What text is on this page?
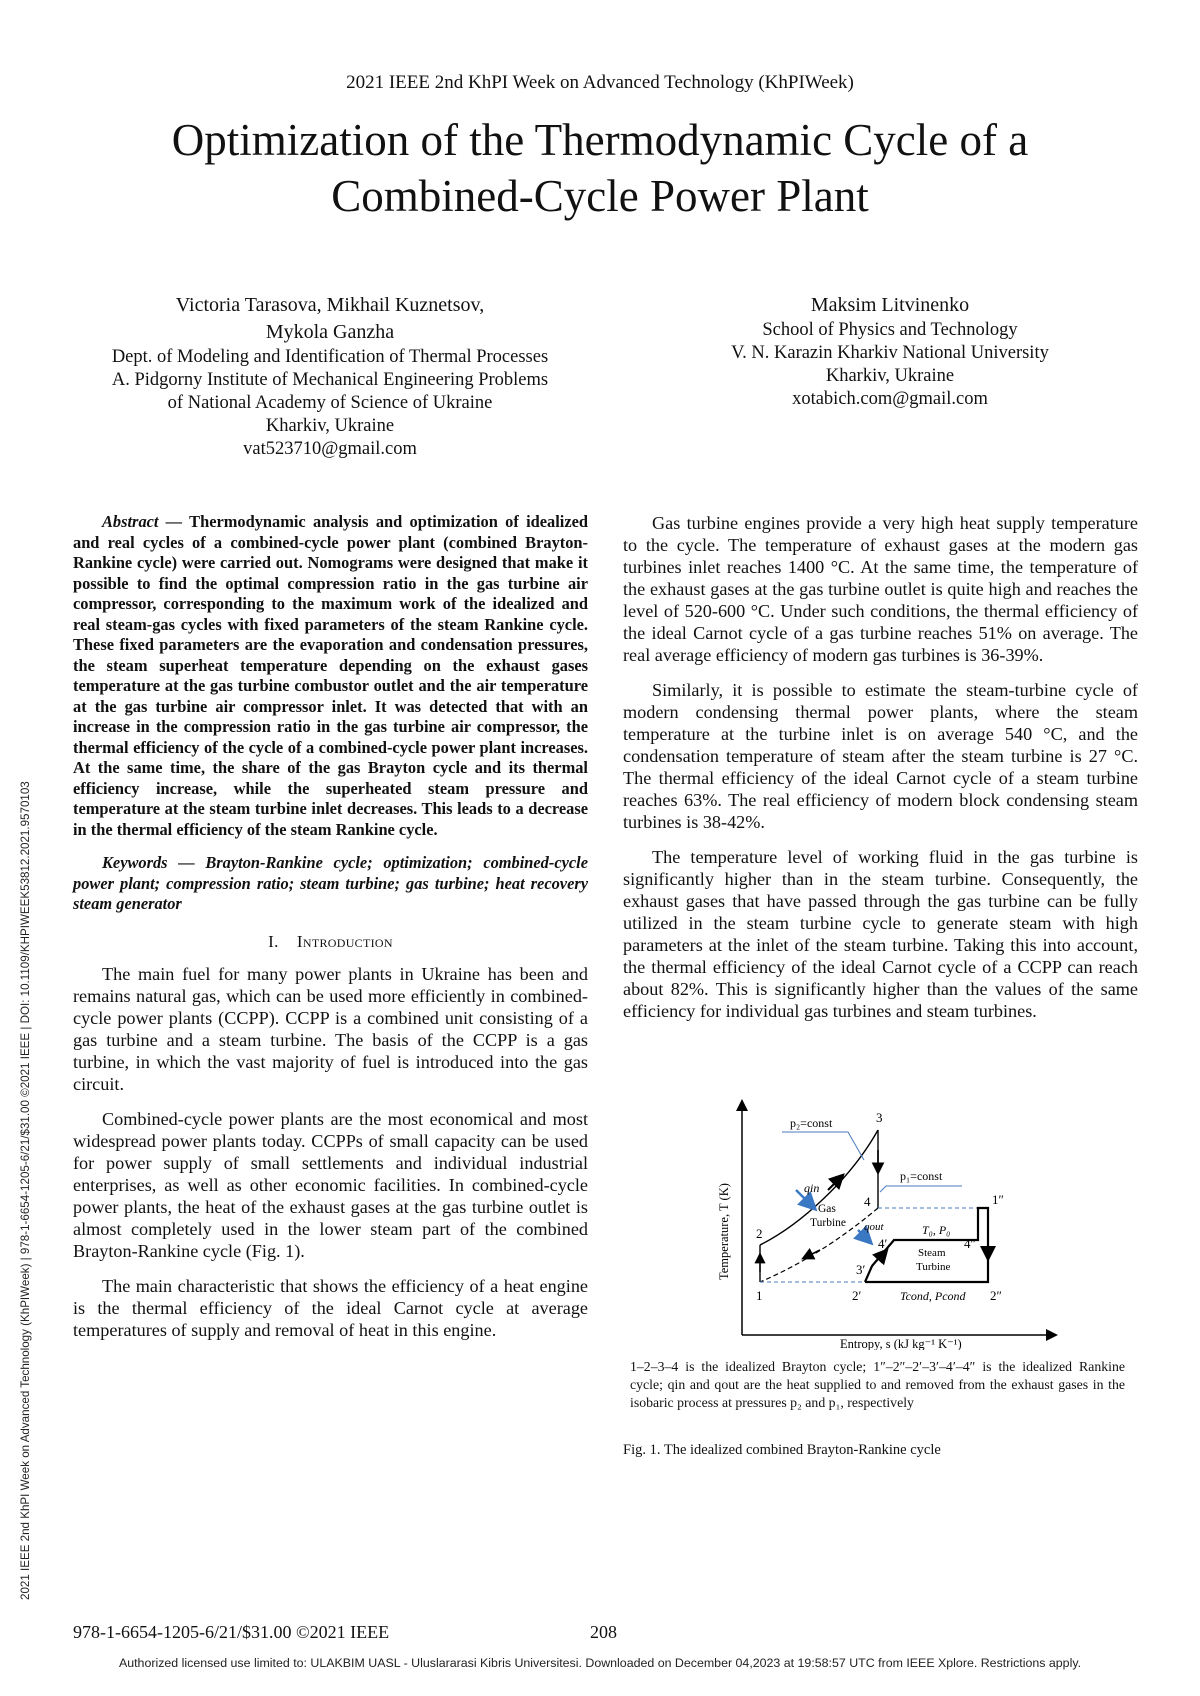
2021 IEEE 2nd KhPI Week on Advanced Technology (KhPIWeek)
Optimization of the Thermodynamic Cycle of a
Combined-Cycle Power Plant
Victoria Tarasova, Mikhail Kuznetsov,
Mykola Ganzha
Dept. of Modeling and Identification of Thermal Processes
A. Pidgorny Institute of Mechanical Engineering Problems
of National Academy of Science of Ukraine
Kharkiv, Ukraine
vat523710@gmail.com
Maksim Litvinenko
School of Physics and Technology
V. N. Karazin Kharkiv National University
Kharkiv, Ukraine
xotabich.com@gmail.com
2021 IEEE 2nd KhPI Week on Advanced Technology (KhPIWeek) | 978-1-6654-1205-6/21/$31.00 ©2021 IEEE | DOI: 10.1109/KHPIWEEK53812.2021.9570103

Abstract — Thermodynamic analysis and optimization of idealized and real cycles of a combined-cycle power plant (combined Brayton-Rankine cycle) were carried out. Nomograms were designed that make it possible to find the optimal compression ratio in the gas turbine air compressor, corresponding to the maximum work of the idealized and real steam-gas cycles with fixed parameters of the steam Rankine cycle. These fixed parameters are the evaporation and condensation pressures, the steam superheat temperature depending on the exhaust gases temperature at the gas turbine combustor outlet and the air temperature at the gas turbine air compressor inlet. It was detected that with an increase in the compression ratio in the gas turbine air compressor, the thermal efficiency of the cycle of a combined-cycle power plant increases. At the same time, the share of the gas Brayton cycle and its thermal efficiency increase, while the superheated steam pressure and temperature at the steam turbine inlet decreases. This leads to a decrease in the thermal efficiency of the steam Rankine cycle.

Keywords — Brayton-Rankine cycle; optimization; combined-cycle power plant; compression ratio; steam turbine; gas turbine; heat recovery steam generator

I. Introduction

The main fuel for many power plants in Ukraine has been and remains natural gas, which can be used more efficiently in combined-cycle power plants (CCPP). CCPP is a combined unit consisting of a gas turbine and a steam turbine. The basis of the CCPP is a gas turbine, in which the vast majority of fuel is introduced into the gas circuit.

Combined-cycle power plants are the most economical and most widespread power plants today. CCPPs of small capacity can be used for power supply of small settlements and individual industrial enterprises, as well as other economic facilities. In combined-cycle power plants, the heat of the exhaust gases at the gas turbine outlet is almost completely used in the lower steam part of the combined Brayton-Rankine cycle (Fig. 1).

The main characteristic that shows the efficiency of a heat engine is the thermal efficiency of the ideal Carnot cycle at average temperatures of supply and removal of heat in this engine.

Gas turbine engines provide a very high heat supply temperature to the cycle. The temperature of exhaust gases at the modern gas turbines inlet reaches 1400 °C. At the same time, the temperature of the exhaust gases at the gas turbine outlet is quite high and reaches the level of 520-600 °C. Under such conditions, the thermal efficiency of the ideal Carnot cycle of a gas turbine reaches 51% on average. The real average efficiency of modern gas turbines is 36-39%.

Similarly, it is possible to estimate the steam-turbine cycle of modern condensing thermal power plants, where the steam temperature at the turbine inlet is on average 540 °C, and the condensation temperature of steam after the steam turbine is 27 °C. The thermal efficiency of the ideal Carnot cycle of a steam turbine reaches 63%. The real efficiency of modern block condensing steam turbines is 38-42%.

The temperature level of working fluid in the gas turbine is significantly higher than in the steam turbine. Consequently, the exhaust gases that have passed through the gas turbine can be fully utilized in the steam turbine cycle to generate steam with high parameters at the inlet of the steam turbine. Taking this into account, the thermal efficiency of the ideal Carnot cycle of a CCPP can reach about 82%. This is significantly higher than the values of the same efficiency for individual gas turbines and steam turbines.

Temperature, T (K)
Entropy, s (kJ kg⁻¹ K⁻¹)
p₂=const
p₁=const
qin
qout
Gas
Turbine
Steam
Turbine
T₀, P₀
Tcond, Pcond
1
2
3
4	1″
2″
2′
3′
4′	4″
1–2–3–4 is the idealized Brayton cycle; 1″–2″–2′–3′–4′–4″ is the idealized Rankine cycle; qin and qout are the heat supplied to and removed from the exhaust gases in the isobaric process at pressures p₂ and p₁, respectively
Fig. 1. The idealized combined Brayton-Rankine cycle
978-1-6654-1205-6/21/$31.00 ©2021 IEEE	208
Authorized licensed use limited to: ULAKBIM UASL - Uluslararasi Kibris Universitesi. Downloaded on December 04,2023 at 19:58:57 UTC from IEEE Xplore. Restrictions apply.
